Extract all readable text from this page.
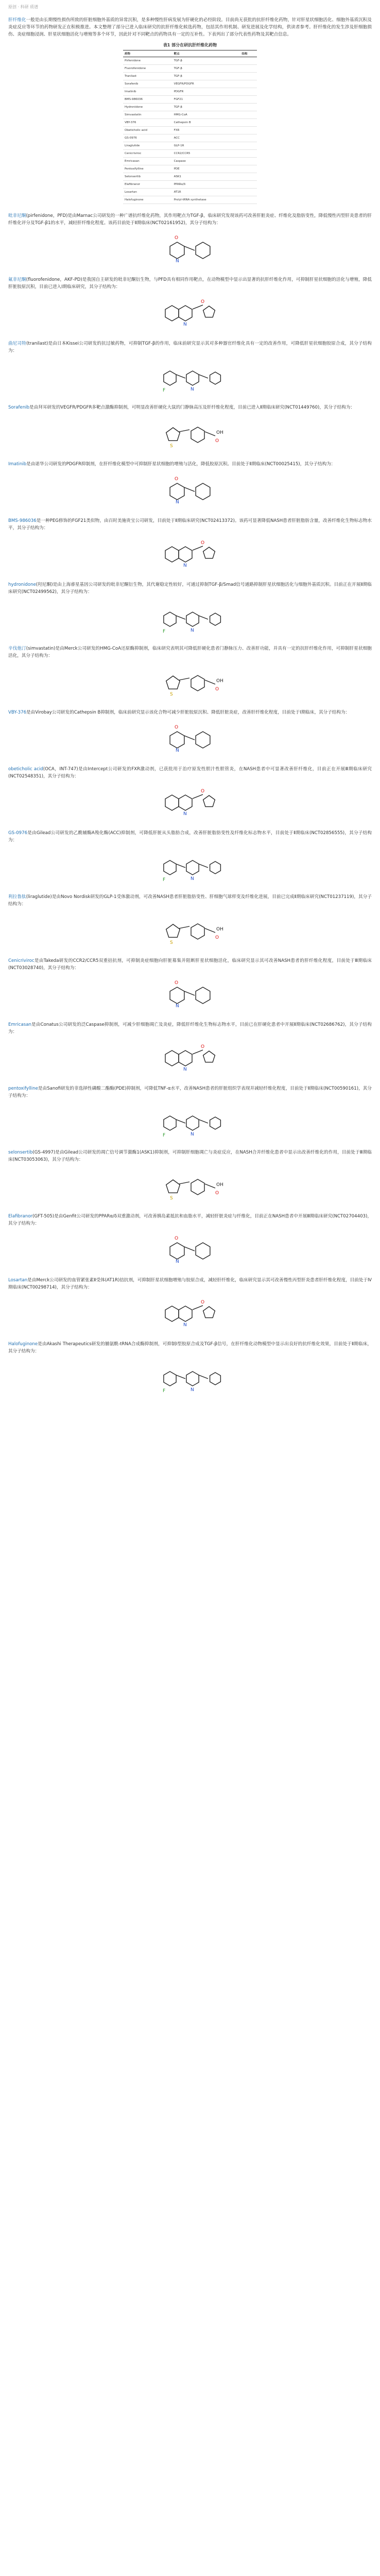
原创 · 科研 质谱

肝纤维化一般是由长期慢性损伤所致的肝脏细胞外基质的异常沉积，是多种慢性肝病发展为肝硬化的必经阶段。目前尚无获批的抗肝纤维化药物，针对肝星状细胞活化、细胞外基质沉积及炎症反应等环节的药物研发正在积极推进。本文整理了部分已进入临床研究的抗肝纤维化候选药物，包括其作用机制、研发进展及化学结构，供读者参考。肝纤维化的发生涉及肝细胞损伤、炎症细胞浸润、肝星状细胞活化与增殖等多个环节，因此针对不同靶点的药物具有一定的互补性。下表列出了部分代表性药物及其靶点信息。

表1 部分在研抗肝纤维化药物
药物	靶点	结构
Pirfenidone	TGF-β	
Fluorofenidone	TGF-β	
Tranilast	TGF-β	
Sorafenib	VEGFR/PDGFR	
Imatinib	PDGFR	
BMS-986036	FGF21	
Hydronidone	TGF-β	
Simvastatin	HMG-CoA	
VBY-376	Cathepsin B	
Obeticholic acid	FXR	
GS-0976	ACC	
Liraglutide	GLP-1R	
Cenicriviroc	CCR2/CCR5	
Emricasan	Caspase	
Pentoxifylline	PDE	
Selonsertib	ASK1	
Elafibranor	PPARα/δ	
Losartan	AT1R	
Halofuginone	Prolyl-tRNA synthetase	

吡非尼酮(pirfenidone，PFD)是由Marnac公司研发的一种广谱抗纤维化药物，其作用靶点为TGF-β，临床研究发现该药可改善肝脏炎症、纤维化及脂肪变性，降低慢性丙型肝炎患者的肝纤维化评分及TGF-β1的水平，减轻肝纤维化程度。该药目前处于Ⅱ期临床(NCT02161952)，其分子结构为：

O
N

氟非尼酮(fluorofenidone，AKF-PD)是我国自主研发的吡非尼酮衍生物，与PFD具有相同作用靶点，在动物模型中显示出显著的抗肝纤维化作用，可抑制肝星状细胞的活化与增殖，降低肝脏胶原沉积，目前已进入Ⅰ期临床研究，其分子结构为：

N
O

曲尼司特(tranilast)是由日本Kissei公司研发的抗过敏药物，可抑制TGF-β的作用，临床前研究显示其对多种器官纤维化具有一定的改善作用，可降低肝星状细胞胶原合成，其分子结构为：

F	N

Sorafenib是由拜耳研发的VEGFR/PDGFR多靶点激酶抑制剂，可明显改善肝硬化大鼠的门静脉高压及肝纤维化程度，目前已进入Ⅱ期临床研究(NCT01449760)，其分子结构为：

S
O
OH

Imatinib是由诺华公司研发的PDGFR抑制剂，在肝纤维化模型中可抑制肝星状细胞的增殖与活化，降低胶原沉积。目前处于Ⅱ期临床(NCT00025415)，其分子结构为：

O
N

BMS-986036是一种PEG修饰的FGF21类似物，由百时美施贵宝公司研发，目前处于Ⅱ期临床研究(NCT02413372)。该药可显著降低NASH患者肝脏脂肪含量，改善纤维化生物标志物水平，其分子结构为：

N
O

hydronidone(羟尼酮)是由上海睿星基因公司研发的吡非尼酮衍生物，其代谢稳定性较好，可通过抑制TGF-β/Smad信号通路抑制肝星状细胞活化与细胞外基质沉积。目前正在开展Ⅱ期临床研究(NCT02499562)，其分子结构为：

F	N

辛伐他汀(simvastatin)是由Merck公司研发的HMG-CoA还原酶抑制剂，临床研究表明其可降低肝硬化患者门静脉压力、改善肝功能，并具有一定的抗肝纤维化作用，可抑制肝星状细胞活化，其分子结构为：

S
O
OH

VBY-376是由Virobay公司研发的Cathepsin B抑制剂，临床前研究显示该化合物可减少肝脏胶原沉积、降低肝脏炎症，改善肝纤维化程度，目前处于Ⅰ期临床，其分子结构为：

O
N

obeticholic acid(OCA，INT-747)是由Intercept公司研发的FXR激动剂，已获批用于治疗原发性胆汁性胆管炎，在NASH患者中可显著改善肝纤维化，目前正在开展Ⅲ期临床研究(NCT02548351)，其分子结构为：

N
O

GS-0976是由Gilead公司研发的乙酰辅酶A羧化酶(ACC)抑制剂，可降低肝脏从头脂肪合成，改善肝脏脂肪变性及纤维化标志物水平，目前处于Ⅱ期临床(NCT02856555)，其分子结构为：

F	N

利拉鲁肽(liraglutide)是由Novo Nordisk研发的GLP-1受体激动剂，可改善NASH患者肝脏脂肪变性、肝细胞气球样变及纤维化进展，目前已完成Ⅱ期临床研究(NCT01237119)，其分子结构为：

S
O
OH

Cenicriviroc是由Takeda研发的CCR2/CCR5双重拮抗剂，可抑制炎症细胞向肝脏募集并阻断肝星状细胞活化，临床研究显示其可改善NASH患者的肝纤维化程度，目前处于Ⅲ期临床(NCT03028740)，其分子结构为：

O
N

Emricasan是由Conatus公司研发的泛Caspase抑制剂，可减少肝细胞凋亡及炎症，降低肝纤维化生物标志物水平，目前已在肝硬化患者中开展Ⅱ期临床(NCT02686762)，其分子结构为：

N
O

pentoxifylline是由Sanofi研发的非选择性磷酸二酯酶(PDE)抑制剂，可降低TNF-α水平，改善NASH患者的肝脏组织学表现并减轻纤维化程度，目前处于Ⅱ期临床(NCT00590161)，其分子结构为：

F	N

selonsertib(GS-4997)是由Gilead公司研发的凋亡信号调节激酶1(ASK1)抑制剂，可抑制肝细胞凋亡与炎症反应，在NASH合并纤维化患者中显示出改善纤维化的作用，目前处于Ⅲ期临床(NCT03053063)，其分子结构为：

S
O
OH

Elafibranor(GFT-505)是由Genfit公司研发的PPARα/δ双重激动剂，可改善胰岛素抵抗和血脂水平，减轻肝脏炎症与纤维化，目前正在NASH患者中开展Ⅲ期临床研究(NCT02704403)，其分子结构为：

O
N

Losartan是由Merck公司研发的血管紧张素Ⅱ受体(AT1R)拮抗剂，可抑制肝星状细胞增殖与胶原合成，减轻肝纤维化，临床研究显示其可改善慢性丙型肝炎患者肝纤维化程度，目前处于Ⅳ期临床(NCT00298714)，其分子结构为：

N
O

Halofuginone是由Akashi Therapeutics研发的脯氨酰-tRNA合成酶抑制剂，可抑制Ⅰ型胶原合成及TGF-β信号，在肝纤维化动物模型中显示出良好的抗纤维化效果，目前处于Ⅱ期临床，其分子结构为：

F	N
